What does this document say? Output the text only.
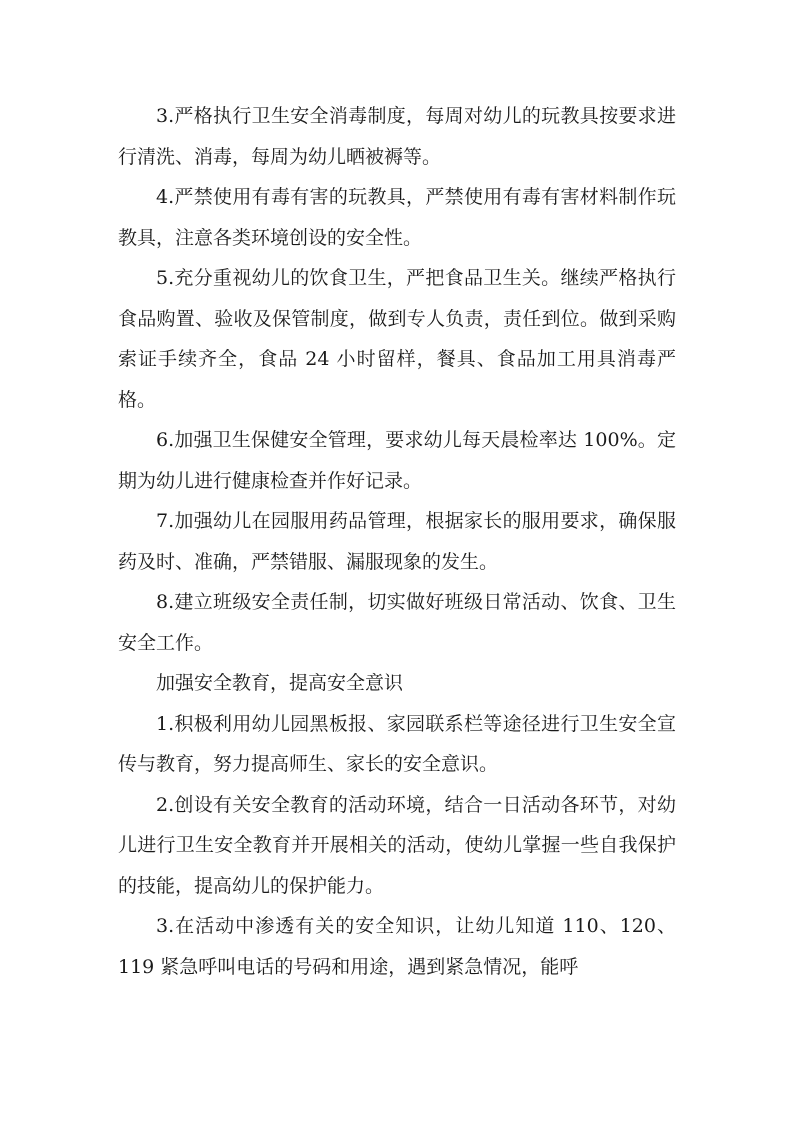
3.严格执行卫生安全消毒制度，每周对幼儿的玩教具按要求进行清洗、消毒，每周为幼儿晒被褥等。

4.严禁使用有毒有害的玩教具，严禁使用有毒有害材料制作玩教具，注意各类环境创设的安全性。

5.充分重视幼儿的饮食卫生，严把食品卫生关。继续严格执行食品购置、验收及保管制度，做到专人负责，责任到位。做到采购索证手续齐全，食品 24 小时留样，餐具、食品加工用具消毒严格。

6.加强卫生保健安全管理，要求幼儿每天晨检率达 100%。定期为幼儿进行健康检查并作好记录。

7.加强幼儿在园服用药品管理，根据家长的服用要求，确保服药及时、准确，严禁错服、漏服现象的发生。

8.建立班级安全责任制，切实做好班级日常活动、饮食、卫生安全工作。

加强安全教育，提高安全意识

1.积极利用幼儿园黑板报、家园联系栏等途径进行卫生安全宣传与教育，努力提高师生、家长的安全意识。

2.创设有关安全教育的活动环境，结合一日活动各环节，对幼儿进行卫生安全教育并开展相关的活动，使幼儿掌握一些自我保护的技能，提高幼儿的保护能力。

3.在活动中渗透有关的安全知识，让幼儿知道 110、120、119 紧急呼叫电话的号码和用途，遇到紧急情况，能呼
